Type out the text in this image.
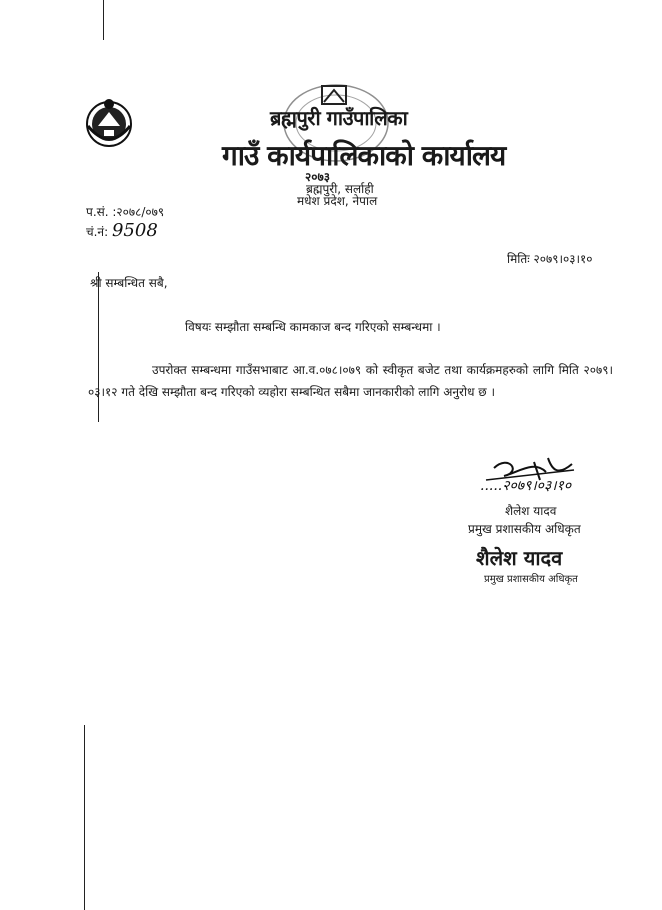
ब्रह्मपुरी गाउँपालिका
गाउँ कार्यपालिकाको कार्यालय
२०७३
ब्रह्मपुरी, सर्लाही
मधेश प्रदेश, नेपाल
प.सं. :२०७८/०७९
चं.नं: 9508
मितिः २०७९।०३।१०
श्री सम्बन्धित सबै,
विषयः सम्झौता सम्बन्धि कामकाज बन्द गरिएको सम्बन्धमा ।
उपरोक्त सम्बन्धमा गाउँसभाबाट आ.व.०७८।०७९ को स्वीकृत बजेट तथा कार्यक्रमहरुको लागि मिति २०७९।०३।१२ गते देखि सम्झौता बन्द गरिएको व्यहोरा सम्बन्धित सबैमा जानकारीको लागि अनुरोध छ ।
.....२०७९।०३।१०
शैलेश यादव
प्रमुख प्रशासकीय अधिकृत
शैलेश यादव
प्रमुख प्रशासकीय अधिकृत
